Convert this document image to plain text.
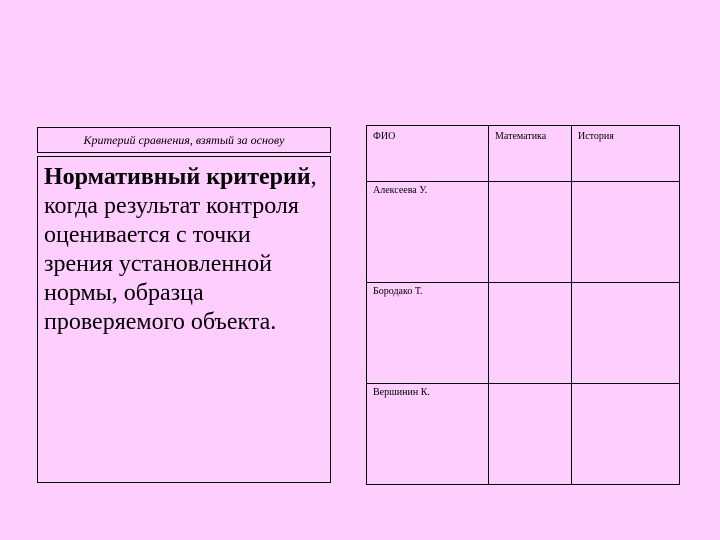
Критерий сравнения, взятый за основу
Нормативный критерий, когда результат контроля оценивается с точки зрения установленной нормы, образца проверяемого объекта.
ФИО	Математика	История

Алексеева У.		

Бородако Т.		

Вершинин К.		
